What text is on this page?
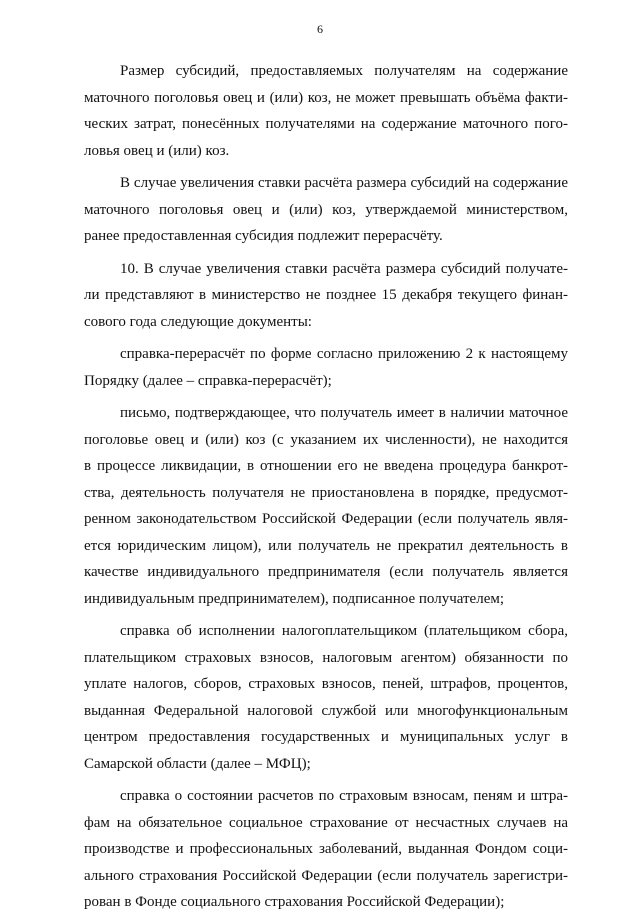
6

Размер субсидий, предоставляемых получателям на содержание
маточного поголовья овец и (или) коз, не может превышать объёма факти-
ческих затрат, понесённых получателями на содержание маточного пого-
ловья овец и (или) коз.

В случае увеличения ставки расчёта размера субсидий на содержание
маточного поголовья овец и (или) коз, утверждаемой министерством,
ранее предоставленная субсидия подлежит перерасчёту.

10. В случае увеличения ставки расчёта размера субсидий получате-
ли представляют в министерство не позднее 15 декабря текущего финан-
сового года следующие документы:

справка-перерасчёт по форме согласно приложению 2 к настоящему
Порядку (далее – справка-перерасчёт);

письмо, подтверждающее, что получатель имеет в наличии маточное
поголовье овец и (или) коз (с указанием их численности), не находится
в процессе ликвидации, в отношении его не введена процедура банкрот-
ства, деятельность получателя не приостановлена в порядке, предусмот-
ренном законодательством Российской Федерации (если получатель явля-
ется юридическим лицом), или получатель не прекратил деятельность в
качестве индивидуального предпринимателя (если получатель является
индивидуальным предпринимателем), подписанное получателем;

справка об исполнении налогоплательщиком (плательщиком сбора,
плательщиком страховых взносов, налоговым агентом) обязанности по
уплате налогов, сборов, страховых взносов, пеней, штрафов, процентов,
выданная Федеральной налоговой службой или многофункциональным
центром предоставления государственных и муниципальных услуг в
Самарской области (далее – МФЦ);

справка о состоянии расчетов по страховым взносам, пеням и штра-
фам на обязательное социальное страхование от несчастных случаев на
производстве и профессиональных заболеваний, выданная Фондом соци-
ального страхования Российской Федерации (если получатель зарегистри-
рован в Фонде социального страхования Российской Федерации);
